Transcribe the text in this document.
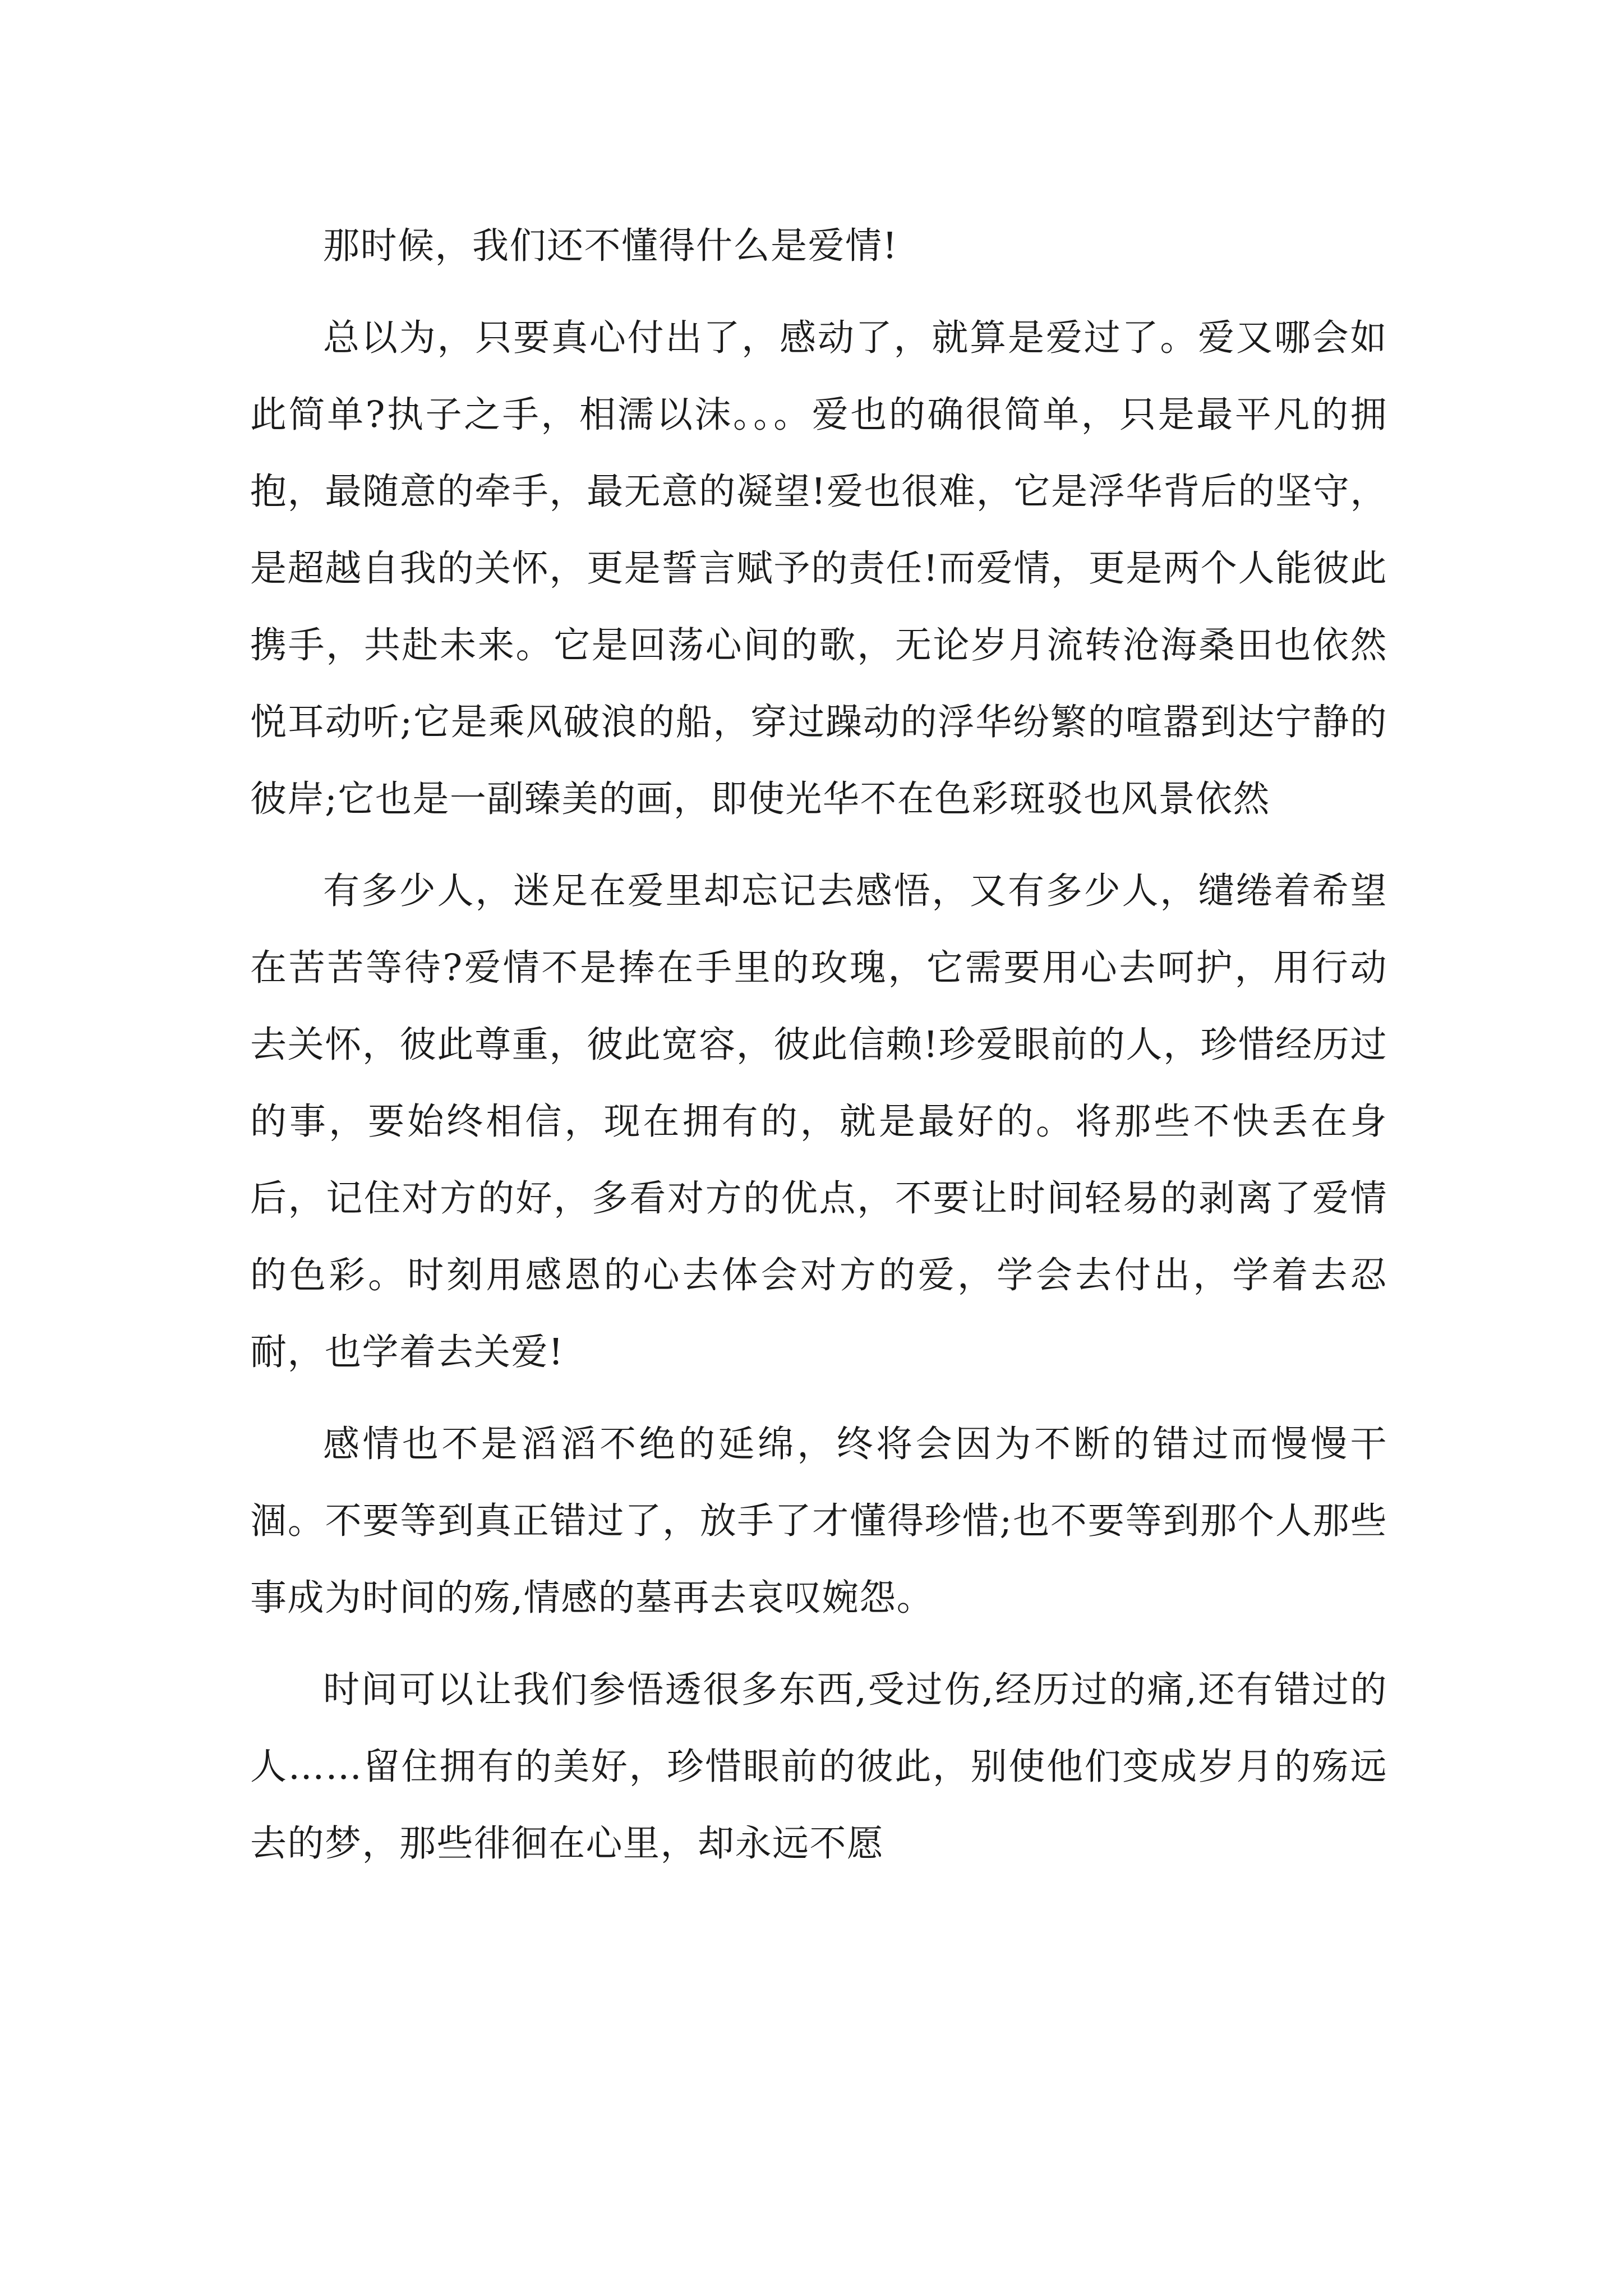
那时候，我们还不懂得什么是爱情!

总以为，只要真心付出了，感动了，就算是爱过了。爱又哪会如此简单?执子之手，相濡以沫。。。爱也的确很简单，只是最平凡的拥抱，最随意的牵手，最无意的凝望!爱也很难，它是浮华背后的坚守，是超越自我的关怀，更是誓言赋予的责任!而爱情，更是两个人能彼此携手，共赴未来。它是回荡心间的歌，无论岁月流转沧海桑田也依然悦耳动听;它是乘风破浪的船，穿过躁动的浮华纷繁的喧嚣到达宁静的彼岸;它也是一副臻美的画，即使光华不在色彩斑驳也风景依然

有多少人，迷足在爱里却忘记去感悟，又有多少人，缱绻着希望在苦苦等待?爱情不是捧在手里的玫瑰，它需要用心去呵护，用行动去关怀，彼此尊重，彼此宽容，彼此信赖!珍爱眼前的人，珍惜经历过的事，要始终相信，现在拥有的，就是最好的。将那些不快丢在身后，记住对方的好，多看对方的优点，不要让时间轻易的剥离了爱情的色彩。时刻用感恩的心去体会对方的爱，学会去付出，学着去忍耐，也学着去关爱!

感情也不是滔滔不绝的延绵，终将会因为不断的错过而慢慢干涸。不要等到真正错过了，放手了才懂得珍惜;也不要等到那个人那些事成为时间的殇,情感的墓再去哀叹婉怨。

时间可以让我们参悟透很多东西,受过伤,经历过的痛,还有错过的人……留住拥有的美好，珍惜眼前的彼此，别使他们变成岁月的殇远去的梦，那些徘徊在心里，却永远不愿
